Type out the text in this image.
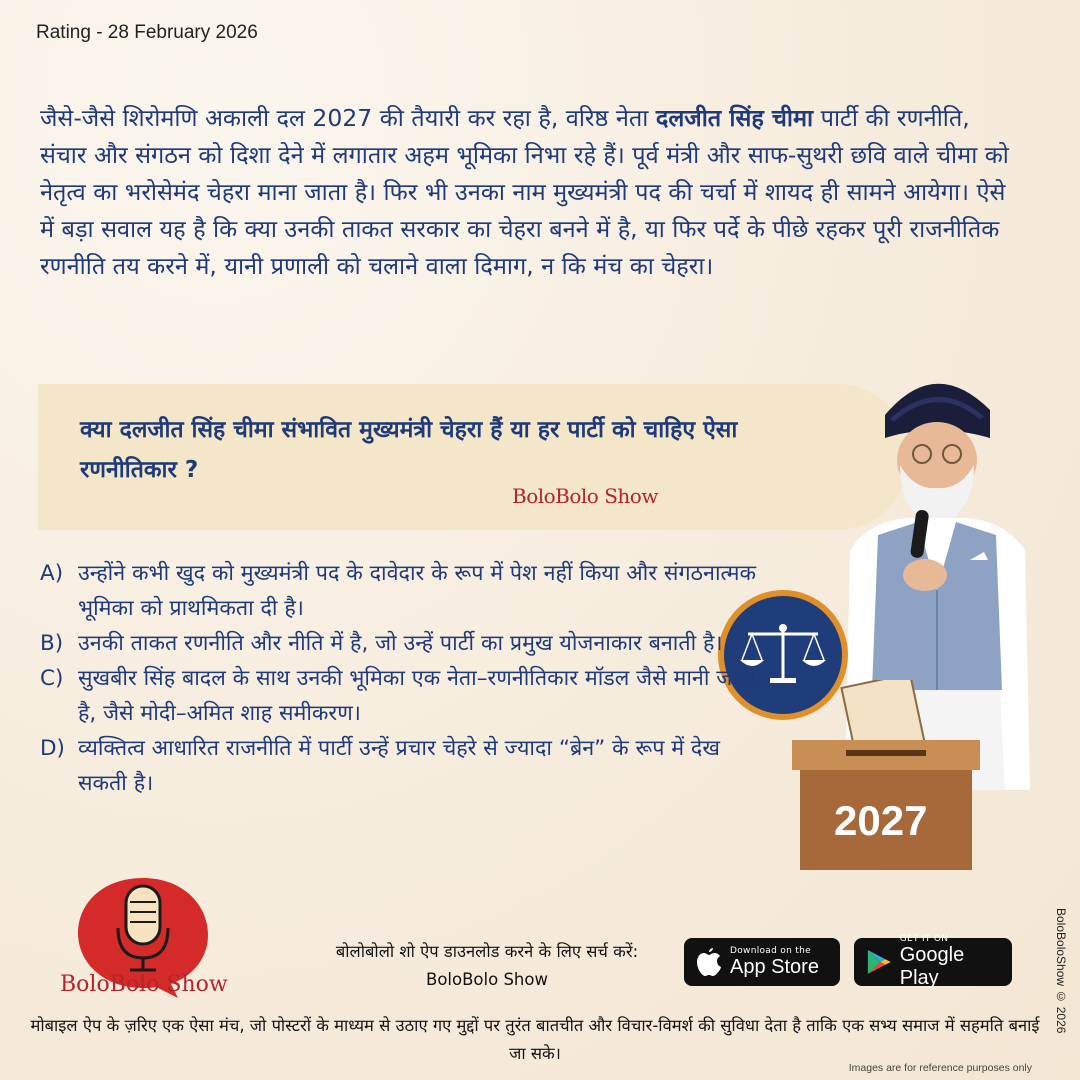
Rating - 28 February 2026
जैसे-जैसे शिरोमणि अकाली दल 2027 की तैयारी कर रहा है, वरिष्ठ नेता दलजीत सिंह चीमा पार्टी की रणनीति, संचार और संगठन को दिशा देने में लगातार अहम भूमिका निभा रहे हैं। पूर्व मंत्री और साफ-सुथरी छवि वाले चीमा को नेतृत्व का भरोसेमंद चेहरा माना जाता है। फिर भी उनका नाम मुख्यमंत्री पद की चर्चा में शायद ही सामने आयेगा। ऐसे में बड़ा सवाल यह है कि क्या उनकी ताकत सरकार का चेहरा बनने में है, या फिर पर्दे के पीछे रहकर पूरी राजनीतिक रणनीति तय करने में, यानी प्रणाली को चलाने वाला दिमाग, न कि मंच का चेहरा।
क्या दलजीत सिंह चीमा संभावित मुख्यमंत्री चेहरा हैं या हर पार्टी को चाहिए ऐसा रणनीतिकार ?
BoloBolo Show
2027
A) उन्होंने कभी खुद को मुख्यमंत्री पद के दावेदार के रूप में पेश नहीं किया और संगठनात्मक भूमिका को प्राथमिकता दी है।
B) उनकी ताकत रणनीति और नीति में है, जो उन्हें पार्टी का प्रमुख योजनाकार बनाती है।
C) सुखबीर सिंह बादल के साथ उनकी भूमिका एक नेता–रणनीतिकार मॉडल जैसे मानी जाती है, जैसे मोदी–अमित शाह समीकरण।
D) व्यक्तित्व आधारित राजनीति में पार्टी उन्हें प्रचार चेहरे से ज्यादा “ब्रेन” के रूप में देख सकती है।
BoloBolo Show
बोलोबोलो शो ऐप डाउनलोड करने के लिए सर्च करें:
BoloBolo Show
Download on the
App Store
GET IT ON
Google Play
मोबाइल ऐप के ज़रिए एक ऐसा मंच, जो पोस्टरों के माध्यम से उठाए गए मुद्दों पर तुरंत बातचीत और विचार-विमर्श की सुविधा देता है ताकि एक सभ्य समाज में सहमति बनाई जा सके।
Images are for reference purposes only
BoloBoloShow © 2026
